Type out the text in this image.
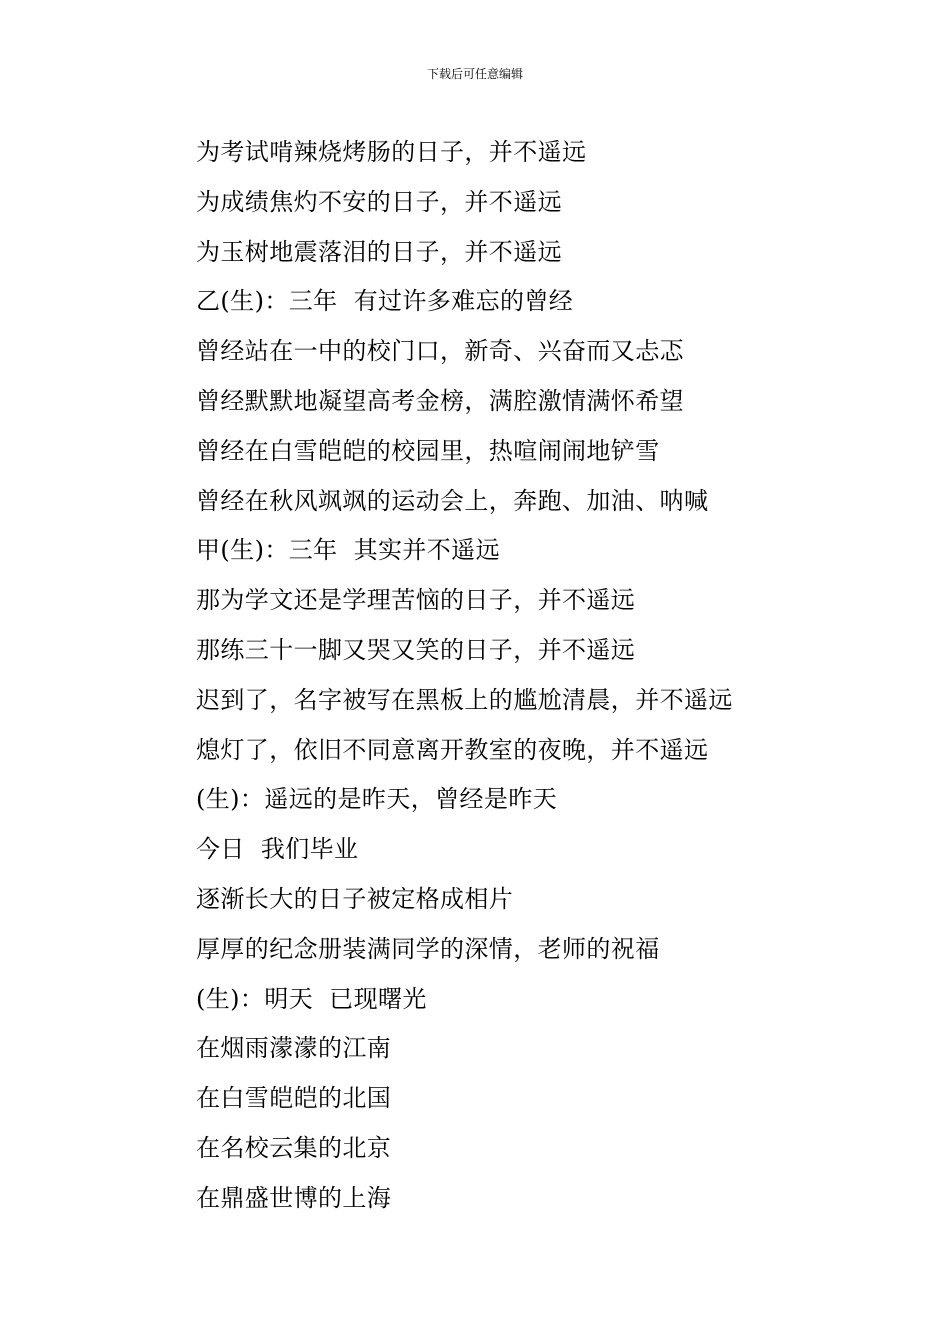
下载后可任意编辑
为考试啃辣烧烤肠的日子，并不遥远
为成绩焦灼不安的日子，并不遥远
为玉树地震落泪的日子，并不遥远
乙(生)：三年  有过许多难忘的曾经
曾经站在一中的校门口，新奇、兴奋而又忐忑
曾经默默地凝望高考金榜，满腔激情满怀希望
曾经在白雪皑皑的校园里，热喧闹闹地铲雪
曾经在秋风飒飒的运动会上，奔跑、加油、呐喊
甲(生)：三年  其实并不遥远
那为学文还是学理苦恼的日子，并不遥远
那练三十一脚又哭又笑的日子，并不遥远
迟到了，名字被写在黑板上的尴尬清晨，并不遥远
熄灯了，依旧不同意离开教室的夜晚，并不遥远
(生)：遥远的是昨天，曾经是昨天
今日  我们毕业
逐渐长大的日子被定格成相片
厚厚的纪念册装满同学的深情，老师的祝福
(生)：明天  已现曙光
在烟雨濛濛的江南
在白雪皑皑的北国
在名校云集的北京
在鼎盛世博的上海
